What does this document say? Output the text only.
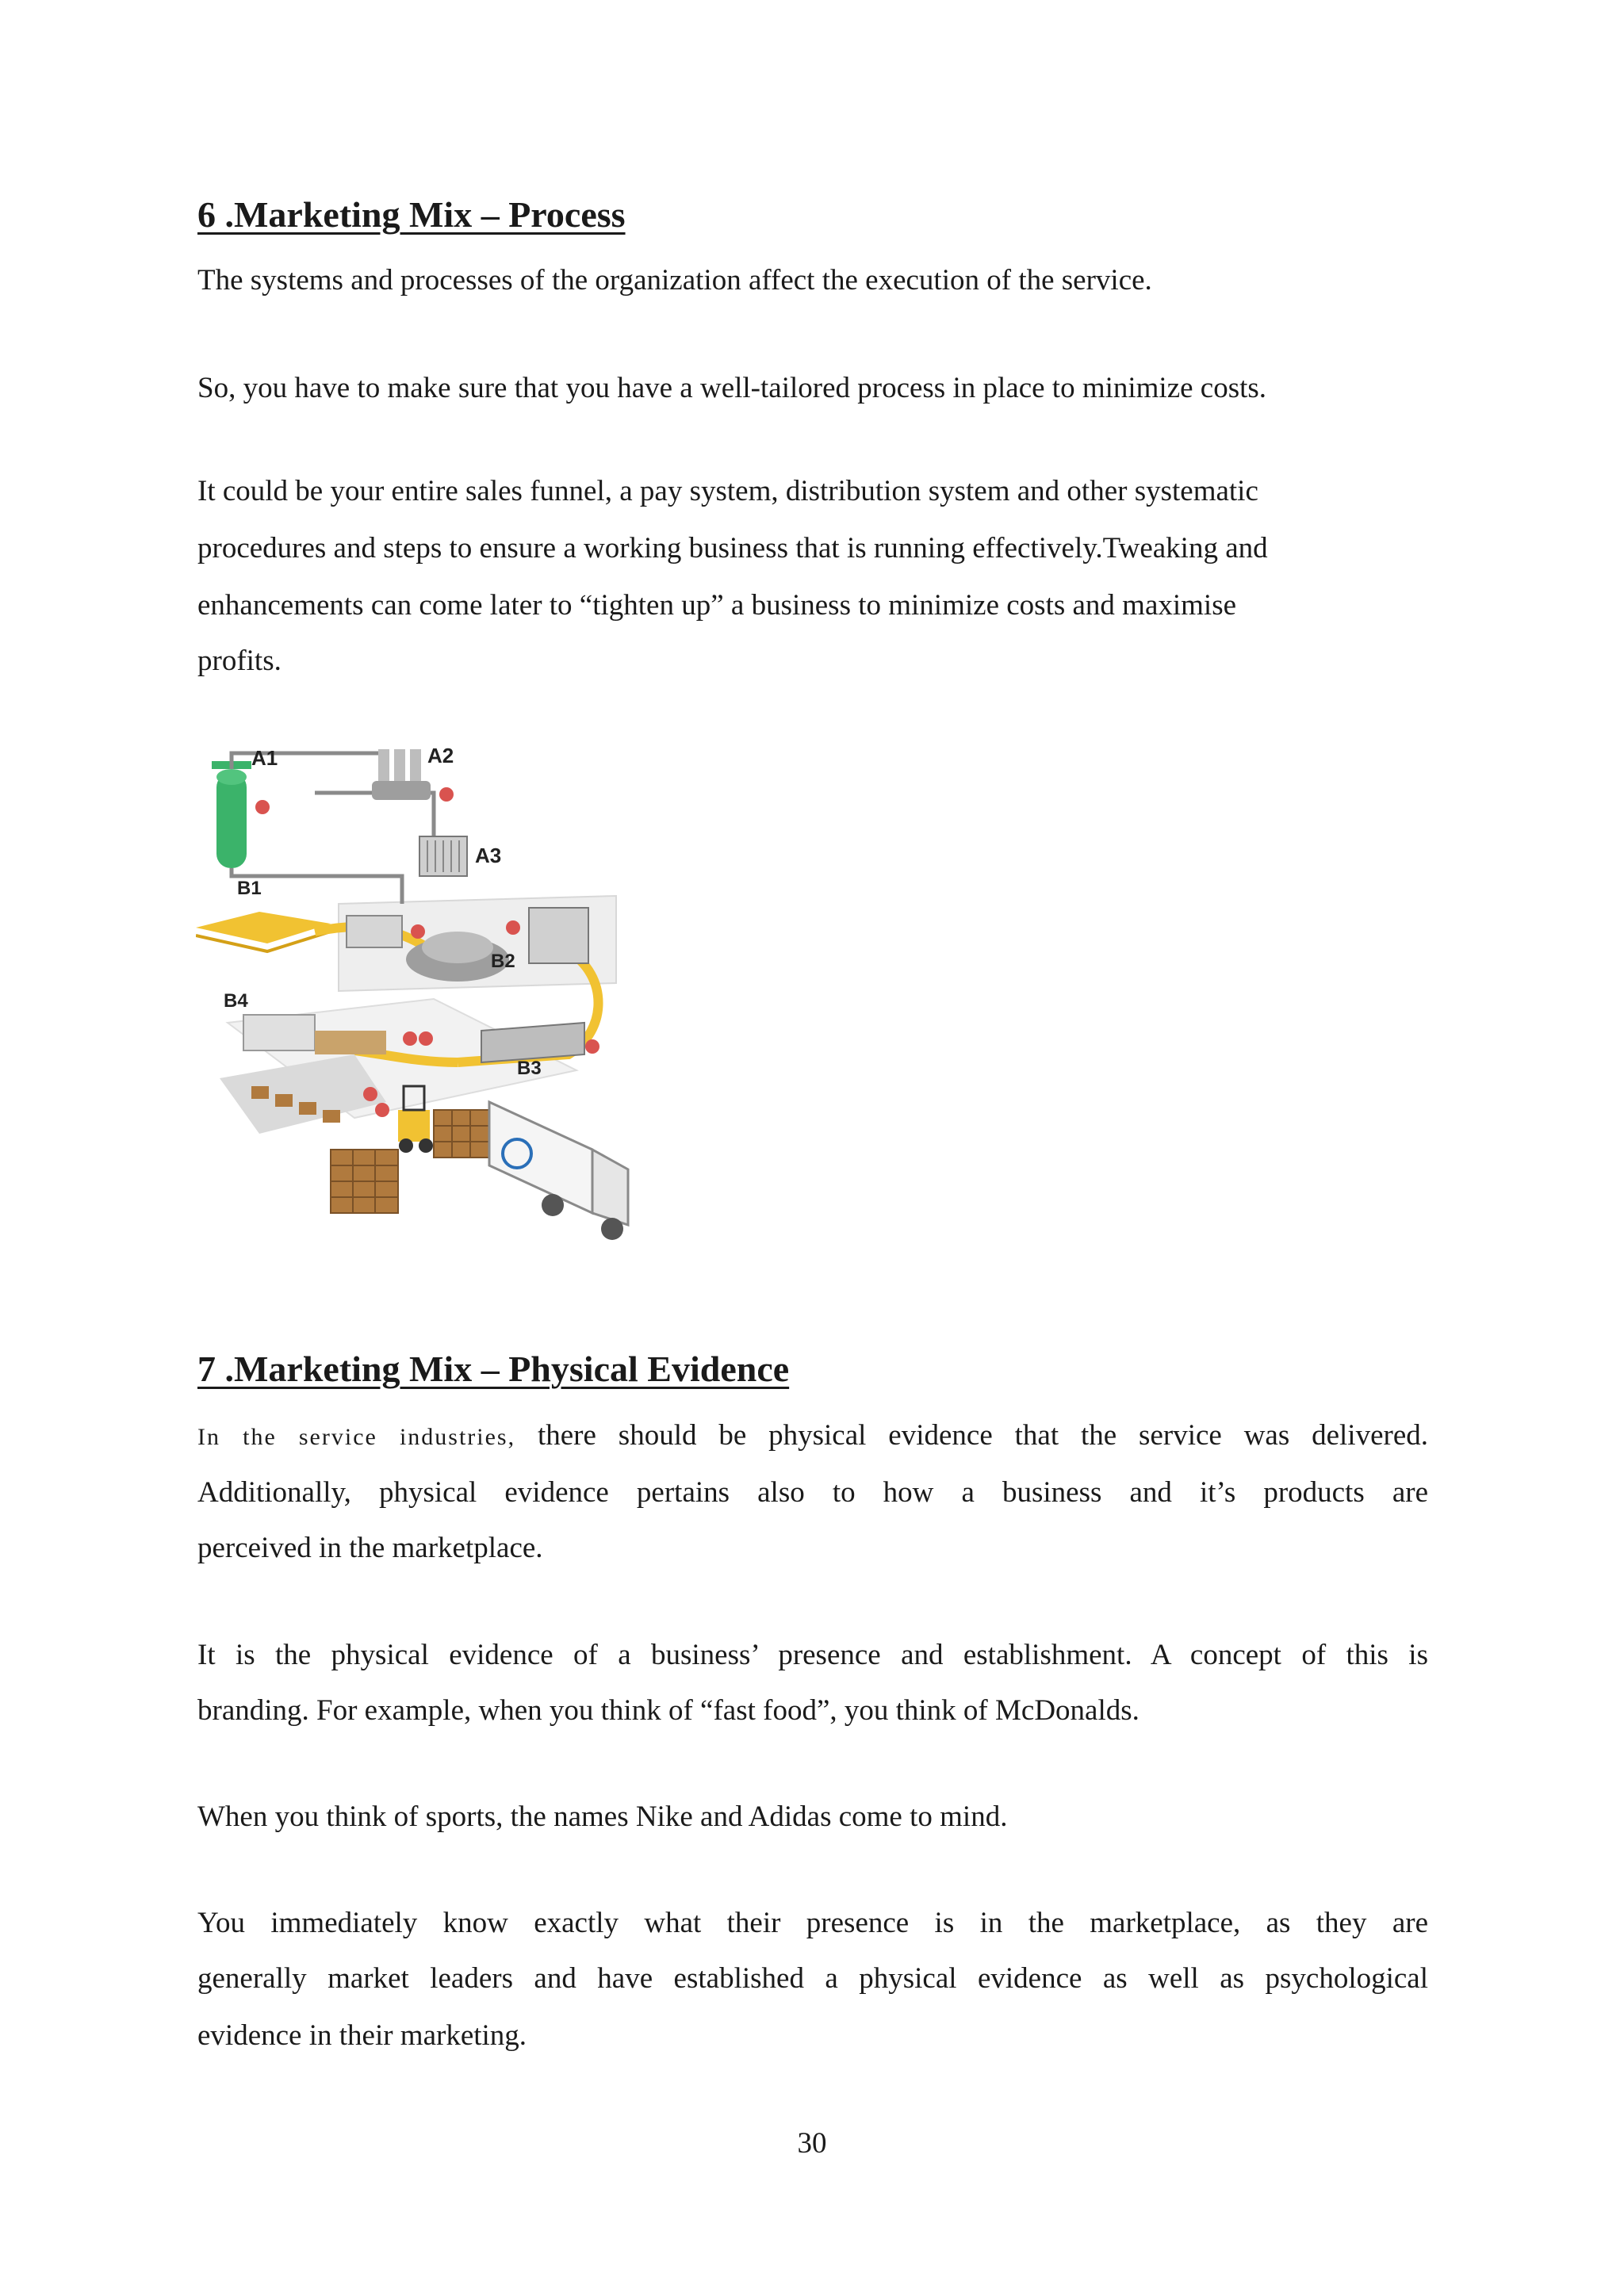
6 .Marketing Mix – Process

The systems and processes of the organization affect the execution of the service.

So, you have to make sure that you have a well-tailored process in place to minimize costs.

It could be your entire sales funnel, a pay system, distribution system and other systematic

procedures and steps to ensure a working business that is running effectively.Tweaking and

enhancements can come later to “tighten up” a business to minimize costs and maximise

profits.

A1	A2
A3
B1
B2
B3
B4
7 .Marketing Mix – Physical Evidence

In the service industries, there should be physical evidence that the service was delivered.

Additionally, physical evidence pertains also to how a business and it’s products are

perceived in the marketplace.

It is the physical evidence of a business’ presence and establishment. A concept of this is

branding. For example, when you think of “fast food”, you think of McDonalds.

When you think of sports, the names Nike and Adidas come to mind.

You immediately know exactly what their presence is in the marketplace, as they are

generally market leaders and have established a physical evidence as well as psychological

evidence in their marketing.

30
